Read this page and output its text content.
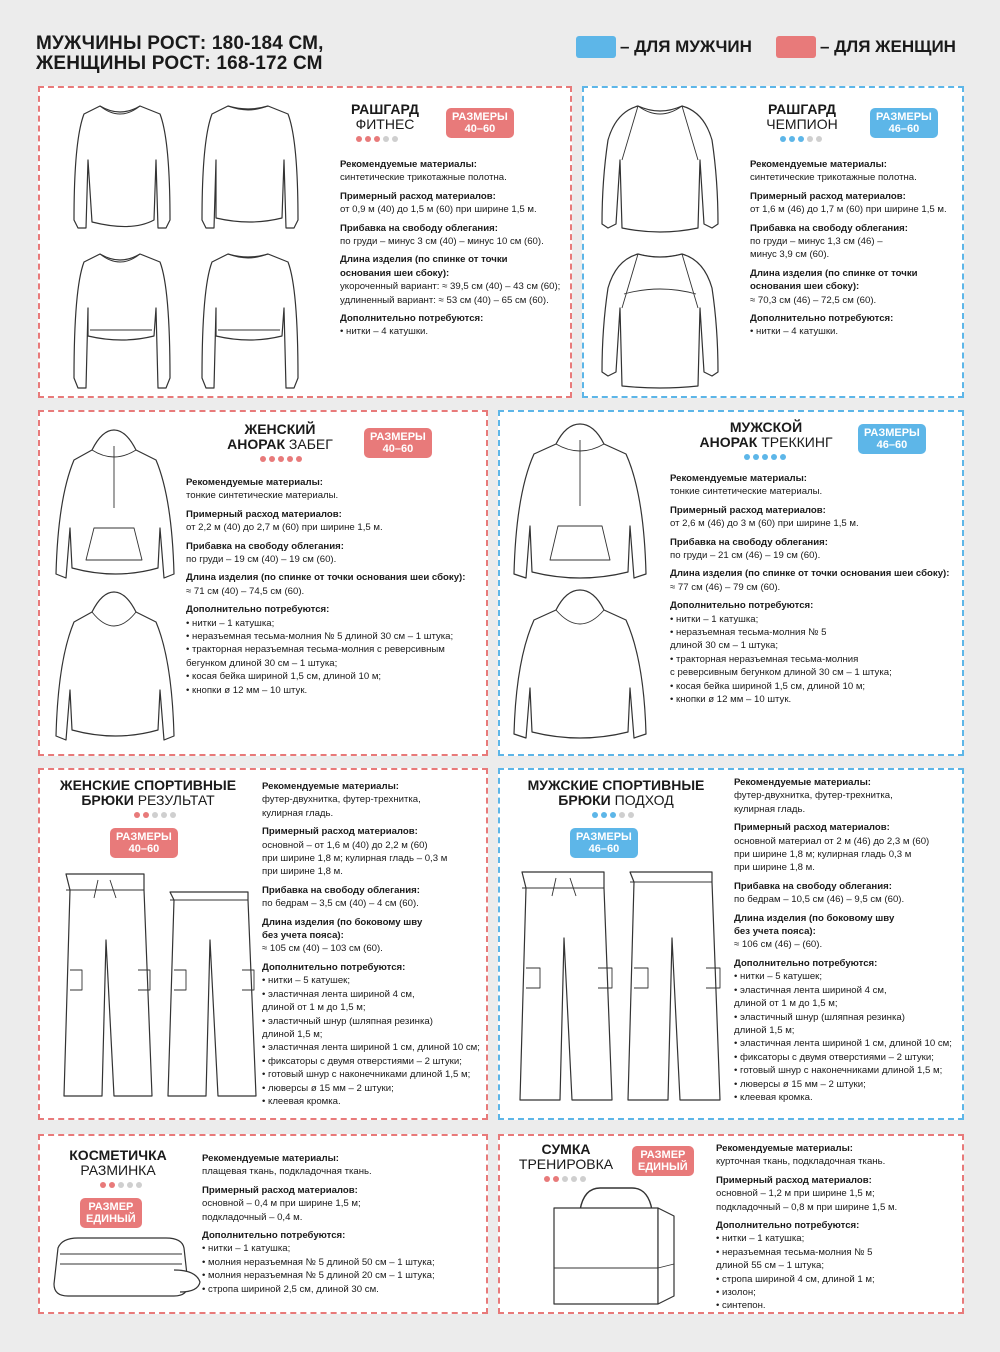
МУЖЧИНЫ РОСТ: 180-184 СМ,
ЖЕНЩИНЫ РОСТ: 168-172 СМ
– ДЛЯ МУЖЧИН	– ДЛЯ ЖЕНЩИН
РАШГАРД
ФИТНЕС	РАЗМЕРЫ
40–60
Рекомендуемые материалы:
синтетические трикотажные полотна.
Примерный расход материалов:
от 0,9 м (40) до 1,5 м (60) при ширине 1,5 м.
Прибавка на свободу облегания:
по груди – минус 3 см (40) – минус 10 см (60).
Длина изделия (по спинке от точки
основания шеи сбоку):
укороченный вариант: ≈ 39,5 см (40) – 43 см (60);
удлиненный вариант: ≈ 53 см (40) – 65 см (60).
Дополнительно потребуются:
• нитки – 4 катушки.
РАШГАРД
ЧЕМПИОН	РАЗМЕРЫ
46–60
Рекомендуемые материалы:
синтетические трикотажные полотна.
Примерный расход материалов:
от 1,6 м (46) до 1,7 м (60) при ширине 1,5 м.
Прибавка на свободу облегания:
по груди – минус 1,3 см (46) –
минус 3,9 см (60).
Длина изделия (по спинке от точки
основания шеи сбоку):
≈ 70,3 см (46) – 72,5 см (60).
Дополнительно потребуются:
• нитки – 4 катушки.
ЖЕНСКИЙ
АНОРАК ЗАБЕГ	РАЗМЕРЫ
40–60
Рекомендуемые материалы:
тонкие синтетические материалы.
Примерный расход материалов:
от 2,2 м (40) до 2,7 м (60) при ширине 1,5 м.
Прибавка на свободу облегания:
по груди – 19 см (40) – 19 см (60).
Длина изделия (по спинке от точки основания шеи сбоку):
≈ 71 см (40) – 74,5 см (60).
Дополнительно потребуются:
• нитки – 1 катушка;
• неразъемная тесьма-молния № 5 длиной 30 см – 1 штука;
• тракторная неразъемная тесьма-молния с реверсивным
бегунком длиной 30 см – 1 штука;
• косая бейка шириной 1,5 см, длиной 10 м;
• кнопки ø 12 мм – 10 штук.
МУЖСКОЙ
АНОРАК ТРЕККИНГ
РАЗМЕРЫ
46–60
Рекомендуемые материалы:
тонкие синтетические материалы.
Примерный расход материалов:
от 2,6 м (46) до 3 м (60) при ширине 1,5 м.
Прибавка на свободу облегания:
по груди – 21 см (46) – 19 см (60).
Длина изделия (по спинке от точки основания шеи сбоку):
≈ 77 см (46) – 79 см (60).
Дополнительно потребуются:
• нитки – 1 катушка;
• неразъемная тесьма-молния № 5
длиной 30 см – 1 штука;
• тракторная неразъемная тесьма-молния
с реверсивным бегунком длиной 30 см – 1 штука;
• косая бейка шириной 1,5 см, длиной 10 м;
• кнопки ø 12 мм – 10 штук.
ЖЕНСКИЕ СПОРТИВНЫЕ
БРЮКИ РЕЗУЛЬТАТ
РАЗМЕРЫ
40–60
Рекомендуемые материалы:
футер-двухнитка, футер-трехнитка,
кулирная гладь.
Примерный расход материалов:
основной – от 1,6 м (40) до 2,2 м (60)
при ширине 1,8 м; кулирная гладь – 0,3 м
при ширине 1,8 м.
Прибавка на свободу облегания:
по бедрам – 3,5 см (40) – 4 см (60).
Длина изделия (по боковому шву
без учета пояса):
≈ 105 см (40) – 103 см (60).
Дополнительно потребуются:
• нитки – 5 катушек;
• эластичная лента шириной 4 см,
длиной от 1 м до 1,5 м;
• эластичный шнур (шляпная резинка)
длиной 1,5 м;
• эластичная лента шириной 1 см, длиной 10 см;
• фиксаторы с двумя отверстиями – 2 штуки;
• готовый шнур с наконечниками длиной 1,5 м;
• люверсы ø 15 мм – 2 штуки;
• клеевая кромка.
МУЖСКИЕ СПОРТИВНЫЕ
БРЮКИ ПОДХОД
РАЗМЕРЫ
46–60
Рекомендуемые материалы:
футер-двухнитка, футер-трехнитка,
кулирная гладь.
Примерный расход материалов:
основной материал от 2 м (46) до 2,3 м (60)
при ширине 1,8 м; кулирная гладь 0,3 м
при ширине 1,8 м.
Прибавка на свободу облегания:
по бедрам – 10,5 см (46) – 9,5 см (60).
Длина изделия (по боковому шву
без учета пояса):
≈ 106 см (46) – (60).
Дополнительно потребуются:
• нитки – 5 катушек;
• эластичная лента шириной 4 см,
длиной от 1 м до 1,5 м;
• эластичный шнур (шляпная резинка)
длиной 1,5 м;
• эластичная лента шириной 1 см, длиной 10 см;
• фиксаторы с двумя отверстиями – 2 штуки;
• готовый шнур с наконечниками длиной 1,5 м;
• люверсы ø 15 мм – 2 штуки;
• клеевая кромка.
КОСМЕТИЧКА
РАЗМИНКА
РАЗМЕР
ЕДИНЫЙ
Рекомендуемые материалы:
плащевая ткань, подкладочная ткань.
Примерный расход материалов:
основной – 0,4 м при ширине 1,5 м;
подкладочный – 0,4 м.
Дополнительно потребуются:
• нитки – 1 катушка;
• молния неразъемная № 5 длиной 50 см – 1 штука;
• молния неразъемная № 5 длиной 20 см – 1 штука;
• стропа шириной 2,5 см, длиной 30 см.
СУМКА
ТРЕНИРОВКА
РАЗМЕР
ЕДИНЫЙ
Рекомендуемые материалы:
курточная ткань, подкладочная ткань.
Примерный расход материалов:
основной – 1,2 м при ширине 1,5 м;
подкладочный – 0,8 м при ширине 1,5 м.
Дополнительно потребуются:
• нитки – 1 катушка;
• неразъемная тесьма-молния № 5
длиной 55 см – 1 штука;
• стропа шириной 4 см, длиной 1 м;
• изолон;
• синтепон.
